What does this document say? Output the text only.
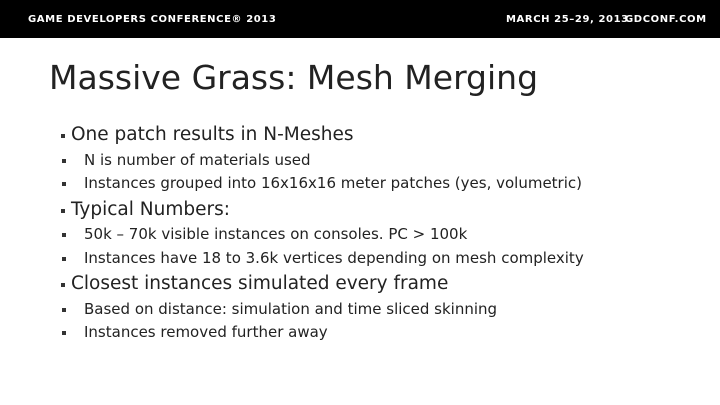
GAME DEVELOPERS CONFERENCE® 2013	MARCH 25–29, 2013
GDCONF.COM
Massive Grass: Mesh Merging
One patch results in N-Meshes
N is number of materials used
Instances grouped into 16x16x16 meter patches (yes, volumetric)
Typical Numbers:
50k – 70k visible instances on consoles. PC > 100k
Instances have 18 to 3.6k vertices depending on mesh complexity
Closest instances simulated every frame
Based on distance: simulation and time sliced skinning
Instances removed further away
